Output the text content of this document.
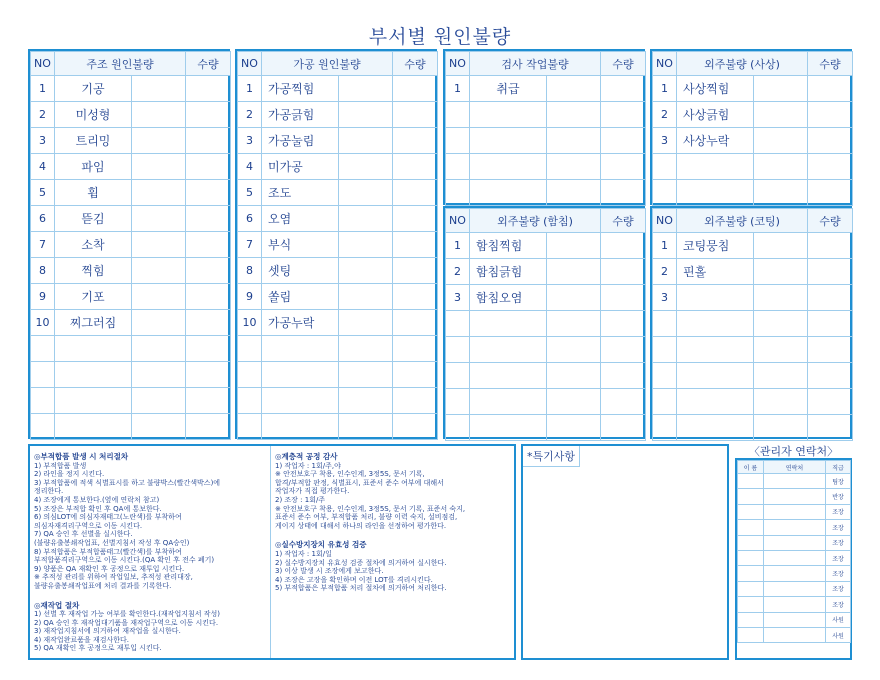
부서별 원인불량
NO	주조 원인불량		수량
1	기공		
2	미성형		
3	트리밍		
4	파임		
5	휨		
6	뜯김		
7	소착		
8	찍힘		
9	기포		
10	찌그러짐		

NO	가공 원인불량		수량
1	가공찍힘		
2	가공긁힘		
3	가공눌림		
4	미가공		
5	조도		
6	오염		
7	부식		
8	셋팅		
9	쏠림		
10	가공누락		

NO	검사 작업불량		수량
1	취급		

NO	외주불량 (사상)		수량
1	사상찍힘		
2	사상긁힘		
3	사상누락		

NO	외주불량 (함침)		수량
1	함침찍힘		
2	함침긁힘		
3	함침오염		

NO	외주불량 (코팅)		수량
1	코팅뭉침		
2	핀홀		
3			

◎부적합품 발생 시 처리절차
1) 부적합품 발생
2) 라인을 정지 시킨다.
3) 부적합품에 적색 식별표시를 하고 불량박스(빨간색박스)에
정리한다.
4) 조장에게 통보한다.(옆에 연락처 참고)
5) 조장은 부적합 확인 후 QA에 통보한다.
6) 의심LOT에 의심자재태그(노란색)를 부착하여
의심자재격리구역으로 이동 시킨다.
7) QA 승인 후 선별을 실시한다.
(불량유출봉쇄작업표, 선별지침서 작성 후 QA승인)
8) 부적합품은 부적합품태그(빨간색)를 부착하여
부적합품격리구역으로 이동 시킨다.(QA 확인 후 전수 폐기)
9) 양품은 QA 재확인 후 공정으로 재투입 시킨다.
※ 추적성 관리를 위하여 작업일보, 추적성 관리대장,
불량유출봉쇄작업표에 처리 결과를 기록한다.
◎재작업 절차
1) 선별 후 재작업 가능 여부를 확인한다.(재작업지침서 작성)
2) QA 승인 후 재작업대기품을 재작업구역으로 이동 시킨다.
3) 재작업지침서에 의거하여 재작업을 실시한다.
4) 재작업완료품을 재검사한다.
5) QA 재확인 후 공정으로 재투입 시킨다.
◎계층적 공정 감사
1) 작업자 : 1회/주,야
※ 안전보호구 착용, 인수인계, 3정5S, 문서 기록,
합격/부적합 판정, 식별표시, 표준서 준수 여부에 대해서
작업자가 직접 평가한다.
2) 조장 : 1회/주
※ 안전보호구 착용, 인수인계, 3정5S, 문서 기록, 표준서 숙지,
표준서 준수 여부, 부적합품 처리, 불량 이력 숙지, 설비점검,
게이지 상태에 대해서 하나의 라인을 선정하여 평가한다.
◎실수방지장치 유효성 검증
1) 작업자 : 1회/일
2) 실수방지장치 유효성 검증 절차에 의거하여 실시한다.
3) 이상 발생 시 조장에게 보고한다.
4) 조장은 고장을 확인하며 이전 LOT를 격리시킨다.
5) 부적합품은 부적합품 처리 절차에 의거하여 처리한다.
*특기사항	〈관리자 연락처〉
이 름	연락처	직급
		팀장
		반장
		조장
		조장
		조장
		조장
		조장
		조장
		조장
		사원
		사원
